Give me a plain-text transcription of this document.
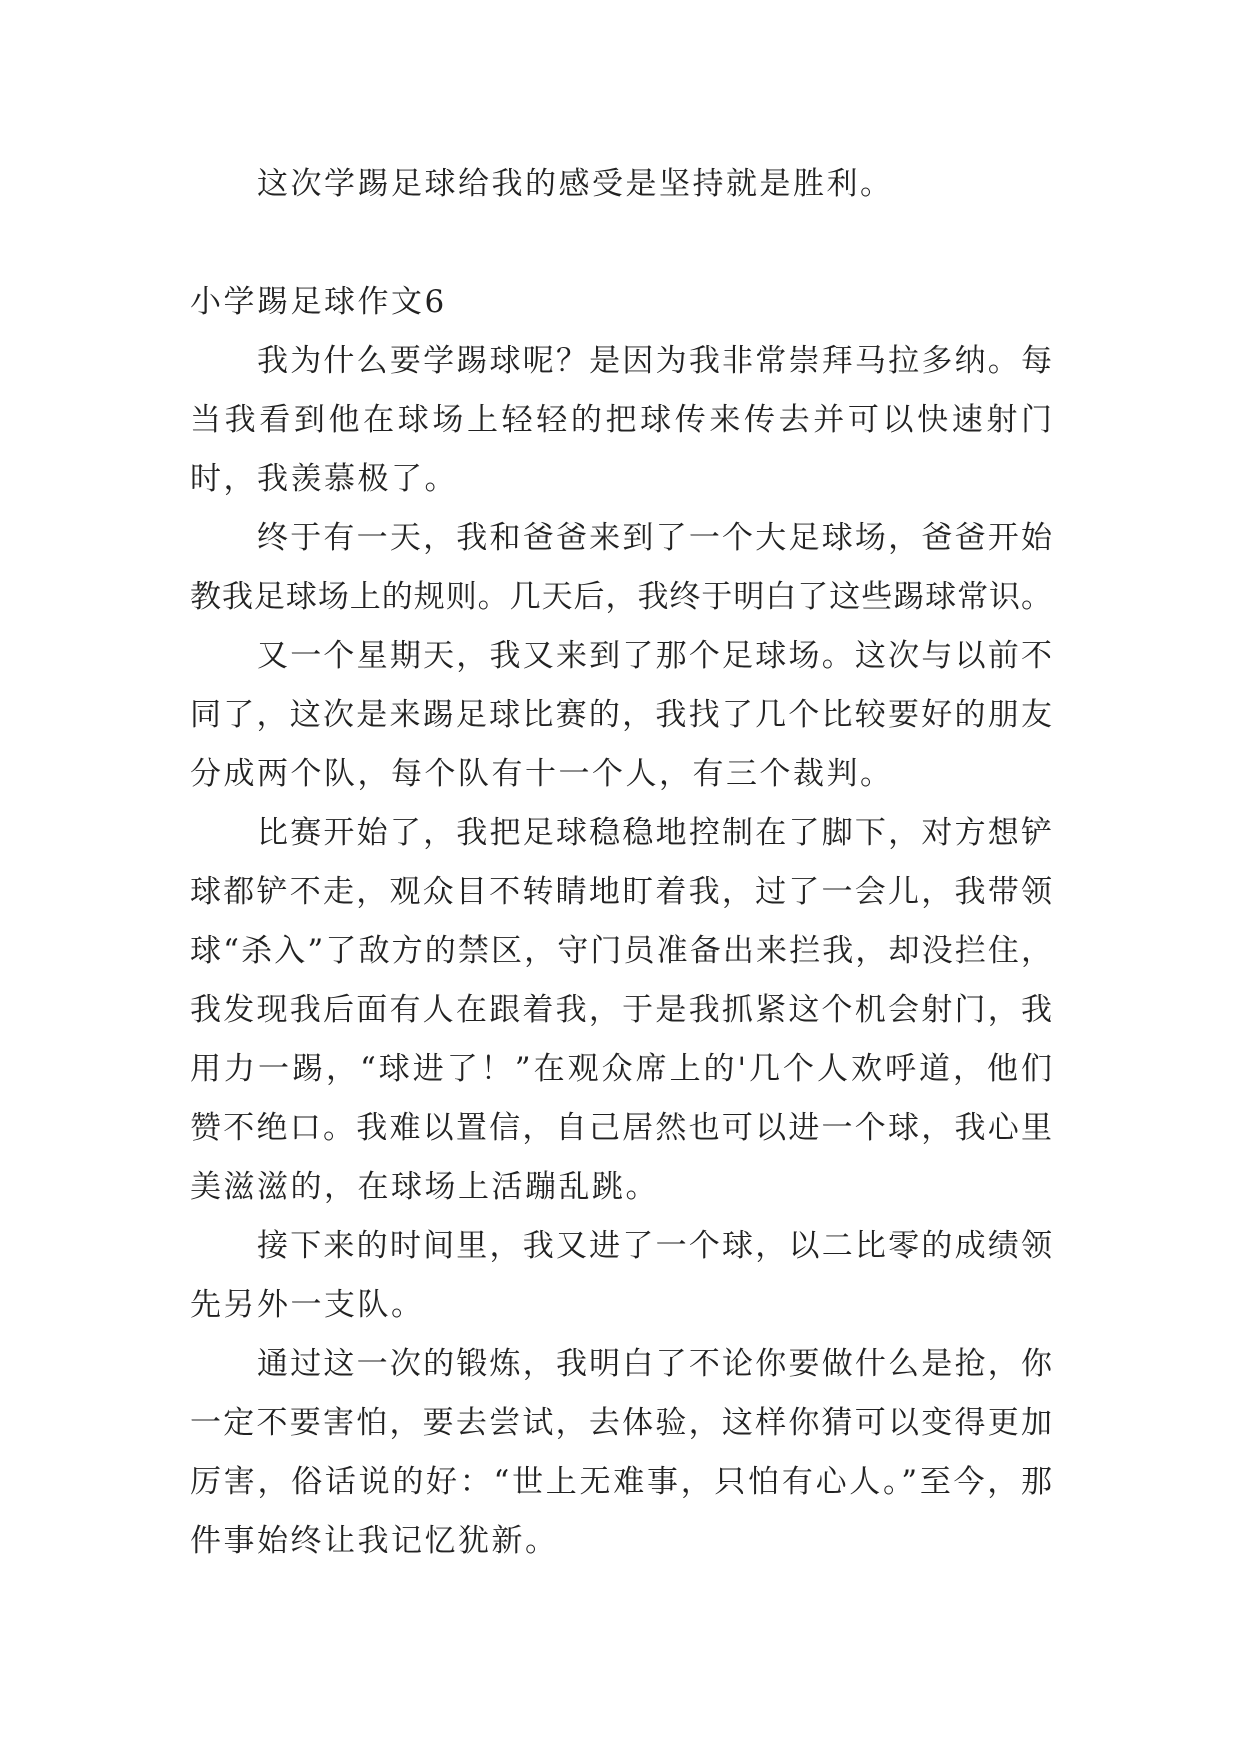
这次学踢足球给我的感受是坚持就是胜利。
小学踢足球作文6
我为什么要学踢球呢？是因为我非常崇拜马拉多纳。每
当我看到他在球场上轻轻的把球传来传去并可以快速射门
时，我羡慕极了。
终于有一天，我和爸爸来到了一个大足球场，爸爸开始
教我足球场上的规则。几天后，我终于明白了这些踢球常识。
又一个星期天，我又来到了那个足球场。这次与以前不
同了，这次是来踢足球比赛的，我找了几个比较要好的朋友
分成两个队，每个队有十一个人，有三个裁判。
比赛开始了，我把足球稳稳地控制在了脚下，对方想铲
球都铲不走，观众目不转睛地盯着我，过了一会儿，我带领
球“杀入”了敌方的禁区，守门员准备出来拦我，却没拦住，
我发现我后面有人在跟着我，于是我抓紧这个机会射门，我
用力一踢，“球进了！”在观众席上的'几个人欢呼道，他们
赞不绝口。我难以置信，自己居然也可以进一个球，我心里
美滋滋的，在球场上活蹦乱跳。
接下来的时间里，我又进了一个球，以二比零的成绩领
先另外一支队。
通过这一次的锻炼，我明白了不论你要做什么是抢，你
一定不要害怕，要去尝试，去体验，这样你猜可以变得更加
厉害，俗话说的好：“世上无难事，只怕有心人。”至今，那
件事始终让我记忆犹新。
